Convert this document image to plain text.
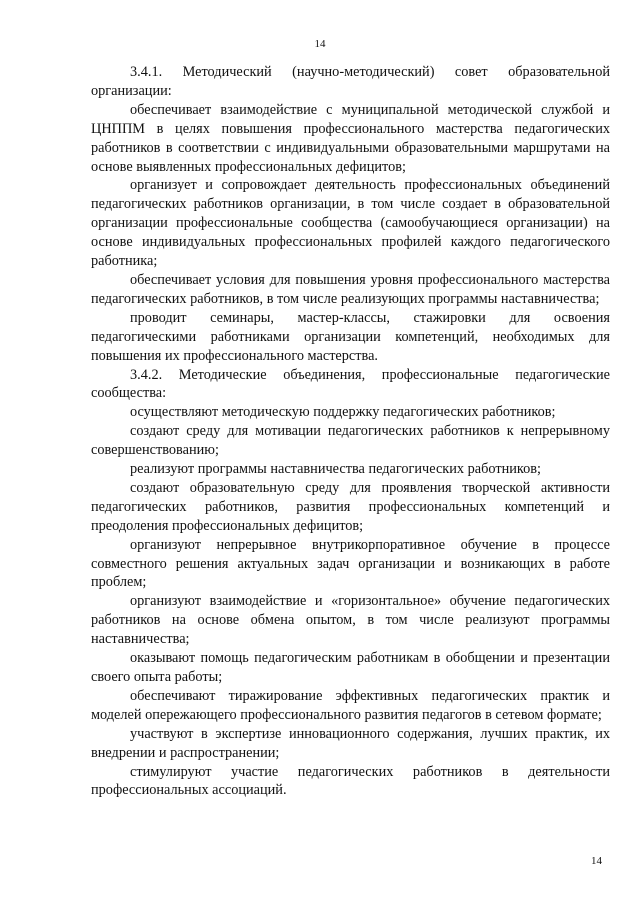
14

3.4.1. Методический (научно-методический) совет образовательной организации:

обеспечивает взаимодействие с муниципальной методической службой и ЦНППМ в целях повышения профессионального мастерства педагогических работников в соответствии с индивидуальными образовательными маршрутами на основе выявленных профессиональных дефицитов;

организует и сопровождает деятельность профессиональных объединений педагогических работников организации, в том числе создает в образовательной организации профессиональные сообщества (самообучающиеся организации) на основе индивидуальных профессиональных профилей каждого педагогического работника;

обеспечивает условия для повышения уровня профессионального мастерства педагогических работников, в том числе реализующих программы наставничества;

проводит семинары, мастер-классы, стажировки для освоения педагогическими работниками организации компетенций, необходимых для повышения их профессионального мастерства.

3.4.2. Методические объединения, профессиональные педагогические сообщества:

осуществляют методическую поддержку педагогических работников;

создают среду для мотивации педагогических работников к непрерывному совершенствованию;

реализуют программы наставничества педагогических работников;

создают образовательную среду для проявления творческой активности педагогических работников, развития профессиональных компетенций и преодоления профессиональных дефицитов;

организуют непрерывное внутрикорпоративное обучение в процессе совместного решения актуальных задач организации и возникающих в работе проблем;

организуют взаимодействие и «горизонтальное» обучение педагогических работников на основе обмена опытом, в том числе реализуют программы наставничества;

оказывают помощь педагогическим работникам в обобщении и презентации своего опыта работы;

обеспечивают тиражирование эффективных педагогических практик и моделей опережающего профессионального развития педагогов в сетевом формате;

участвуют в экспертизе инновационного содержания, лучших практик, их внедрении и распространении;

стимулируют участие педагогических работников в деятельности профессиональных ассоциаций.

14
